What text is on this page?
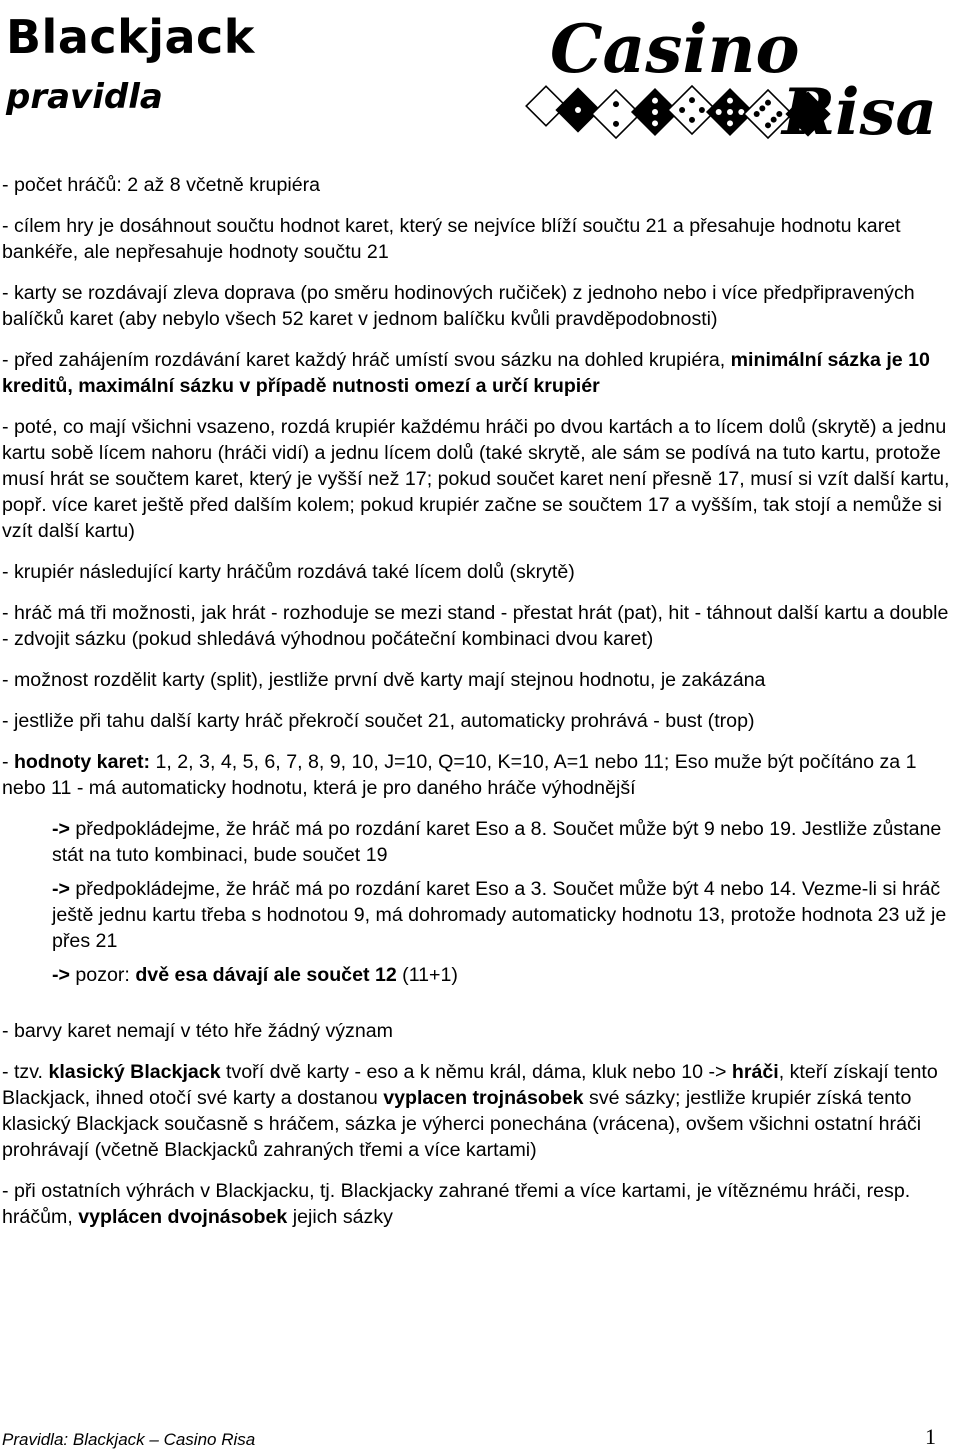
Blackjack
pravidla
Casino
Risa

- počet hráčů: 2 až 8 včetně krupiéra

- cílem hry je dosáhnout součtu hodnot karet, který se nejvíce blíží součtu 21 a přesahuje hodnotu karet bankéře, ale nepřesahuje hodnoty součtu 21

- karty se rozdávají zleva doprava (po směru hodinových ručiček) z jednoho nebo i více předpřipravených balíčků karet (aby nebylo všech 52 karet v jednom balíčku kvůli pravděpodobnosti)

- před zahájením rozdávání karet každý hráč umístí svou sázku na dohled krupiéra, minimální sázka je 10 kreditů, maximální sázku v případě nutnosti omezí a určí krupiér

- poté, co mají všichni vsazeno, rozdá krupiér každému hráči po dvou kartách a to lícem dolů (skrytě) a jednu kartu sobě lícem nahoru (hráči vidí) a jednu lícem dolů (také skrytě, ale sám se podívá na tuto kartu, protože musí hrát se součtem karet, který je vyšší než 17; pokud součet karet není přesně 17, musí si vzít další kartu, popř. více karet ještě před dalším kolem; pokud krupiér začne se součtem 17 a vyšším, tak stojí a nemůže si vzít další kartu)

- krupiér následující karty hráčům rozdává také lícem dolů (skrytě)

- hráč má tři možnosti, jak hrát - rozhoduje se mezi stand - přestat hrát (pat), hit - táhnout další kartu a double - zdvojit sázku (pokud shledává výhodnou počáteční kombinaci dvou karet)

- možnost rozdělit karty (split), jestliže první dvě karty mají stejnou hodnotu, je zakázána

- jestliže při tahu další karty hráč překročí součet 21, automaticky prohrává - bust (trop)

- hodnoty karet: 1, 2, 3, 4, 5, 6, 7, 8, 9, 10, J=10, Q=10, K=10, A=1 nebo 11; Eso muže být počítáno za 1 nebo 11 - má automaticky hodnotu, která je pro daného hráče výhodnější

-> předpokládejme, že hráč má po rozdání karet Eso a 8. Součet může být 9 nebo 19. Jestliže zůstane stát na tuto kombinaci, bude součet 19

-> předpokládejme, že hráč má po rozdání karet Eso a 3. Součet může být 4 nebo 14. Vezme-li si hráč ještě jednu kartu třeba s hodnotou 9, má dohromady automaticky hodnotu 13, protože hodnota 23 už je přes 21

-> pozor: dvě esa dávají ale součet 12 (11+1)

- barvy karet nemají v této hře žádný význam

- tzv. klasický Blackjack tvoří dvě karty - eso a k němu král, dáma, kluk nebo 10 -> hráči, kteří získají tento Blackjack, ihned otočí své karty a dostanou vyplacen trojnásobek své sázky; jestliže krupiér získá tento klasický Blackjack současně s hráčem, sázka je výherci ponechána (vrácena), ovšem všichni ostatní hráči prohrávají (včetně Blackjacků zahraných třemi a více kartami)

- při ostatních výhrách v Blackjacku, tj. Blackjacky zahrané třemi a více kartami, je vítěznému hráči, resp. hráčům, vyplácen dvojnásobek jejich sázky

Pravidla: Blackjack – Casino Risa	1
